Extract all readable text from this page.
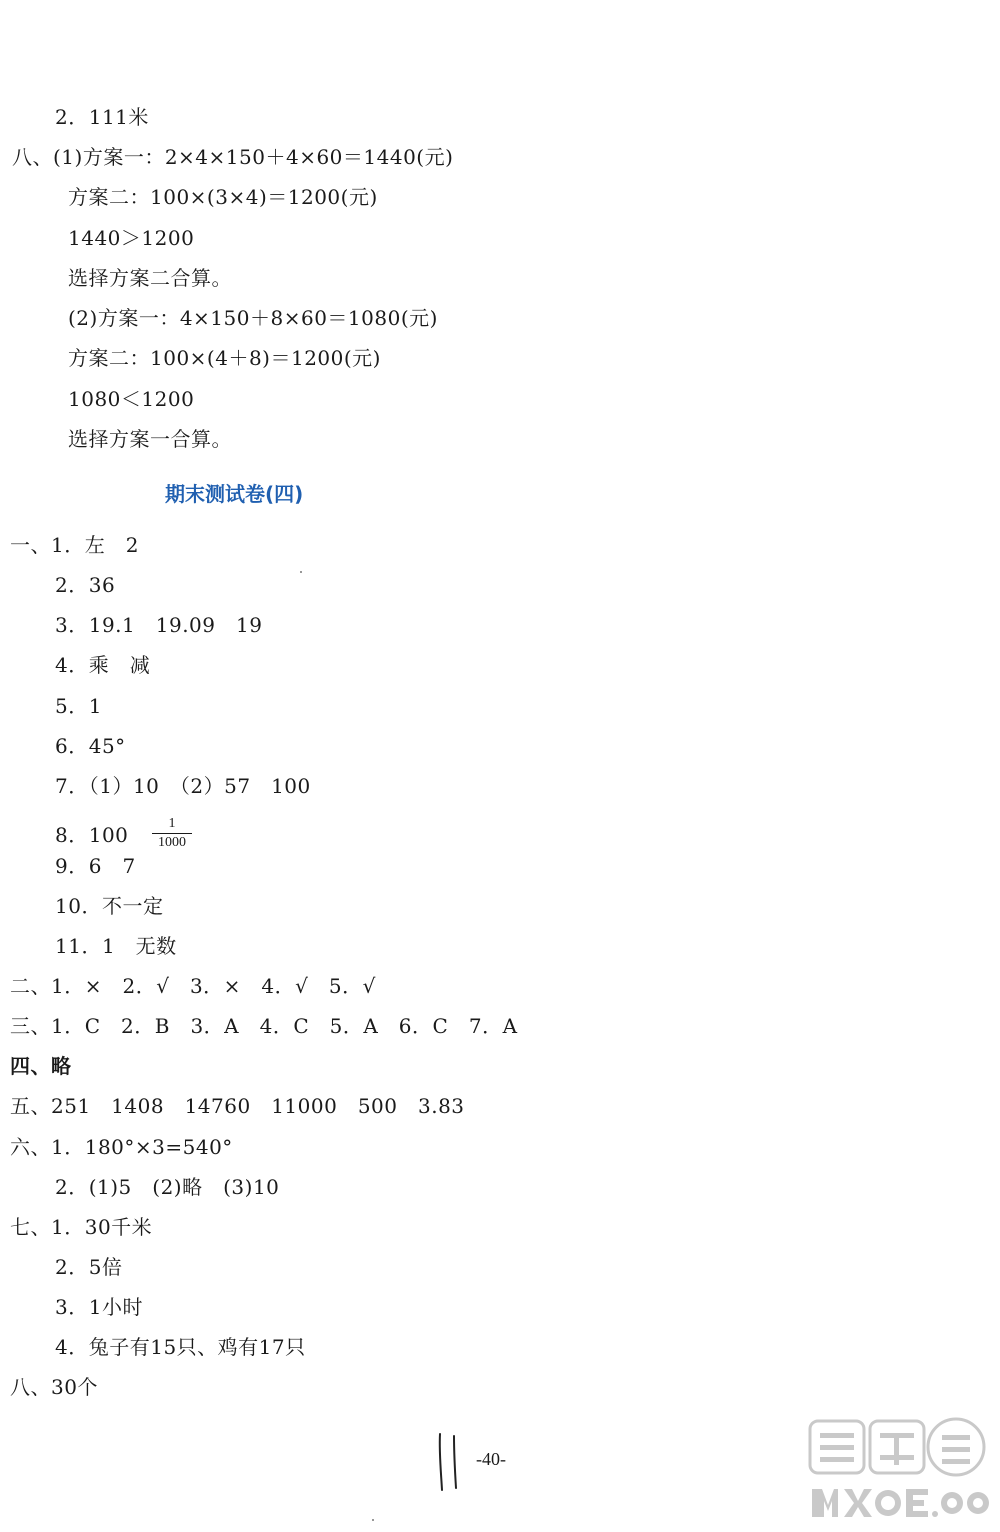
2．111米
八、(1)方案一：2×4×150＋4×60＝1440(元)
方案二：100×(3×4)＝1200(元)
1440＞1200
选择方案二合算。
(2)方案一：4×150＋8×60＝1080(元)
方案二：100×(4＋8)＝1200(元)
1080＜1200
选择方案一合算。
期末测试卷(四)
一、1．左　2
2．36
3．19.1　19.09　19
4．乘　减
5．1
6．45°
7．（1）10　（2）57　100
8．$100 \frac{1}{1000}$
9．6　7
10．不一定
11．1　无数
二、1．×　2．√　3．×　4．√　5．√
三、1．C　2．B　3．A　4．C　5．A　6．C　7．A
四、略
五、251　1408　14760　11000　500　3.83
六、1．180°×3=540°
2．(1)5　(2)略　(3)10
七、1．30千米
2．5倍
3．1小时
4．兔子有15只、鸡有17只
八、30个
-40-
